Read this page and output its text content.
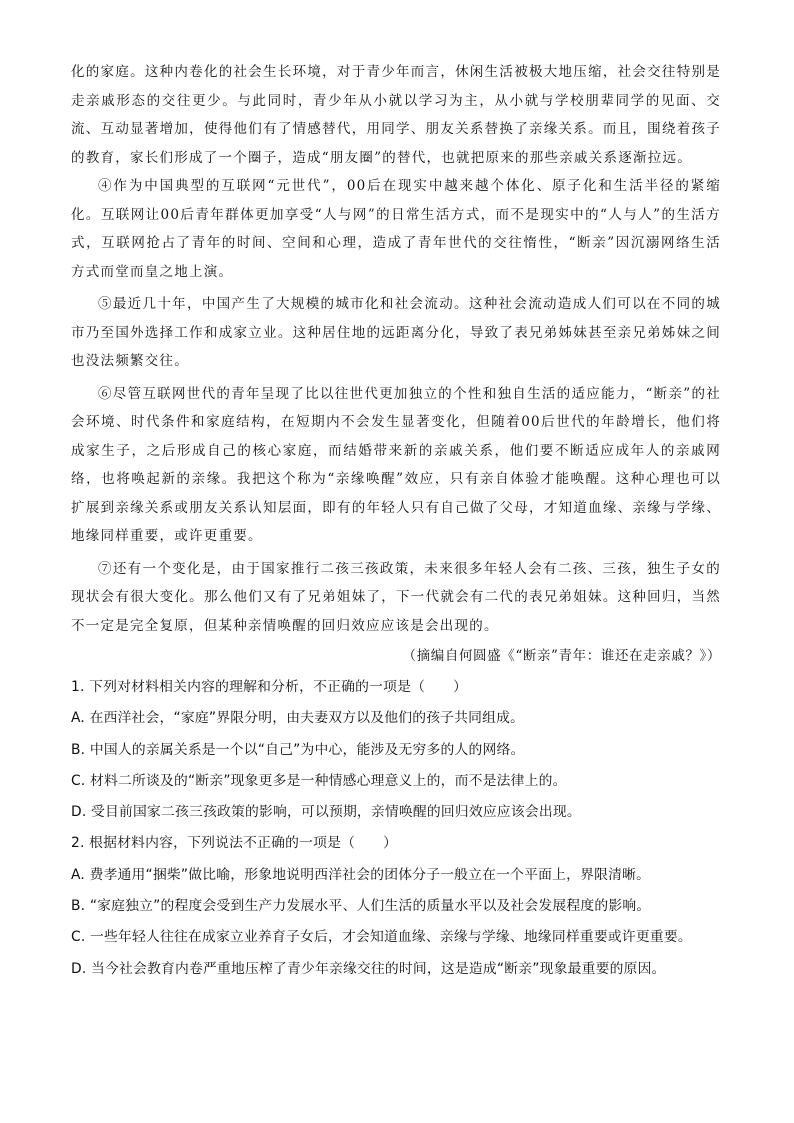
化的家庭。这种内卷化的社会生长环境，对于青少年而言，休闲生活被极大地压缩，社会交往特别是走亲戚形态的交往更少。与此同时，青少年从小就以学习为主，从小就与学校朋辈同学的见面、交流、互动显著增加，使得他们有了情感替代，用同学、朋友关系替换了亲缘关系。而且，围绕着孩子的教育，家长们形成了一个圈子，造成“朋友圈”的替代，也就把原来的那些亲戚关系逐渐拉远。

④作为中国典型的互联网“元世代”，00后在现实中越来越个体化、原子化和生活半径的紧缩化。互联网让00后青年群体更加享受“人与网”的日常生活方式，而不是现实中的“人与人”的生活方式，互联网抢占了青年的时间、空间和心理，造成了青年世代的交往惰性，“断亲”因沉溺网络生活方式而堂而皇之地上演。

⑤最近几十年，中国产生了大规模的城市化和社会流动。这种社会流动造成人们可以在不同的城市乃至国外选择工作和成家立业。这种居住地的远距离分化，导致了表兄弟姊妹甚至亲兄弟姊妹之间也没法频繁交往。

⑥尽管互联网世代的青年呈现了比以往世代更加独立的个性和独自生活的适应能力，“断亲”的社会环境、时代条件和家庭结构，在短期内不会发生显著变化，但随着00后世代的年龄增长，他们将成家生子，之后形成自己的核心家庭，而结婚带来新的亲戚关系，他们要不断适应成年人的亲戚网络，也将唤起新的亲缘。我把这个称为“亲缘唤醒”效应，只有亲自体验才能唤醒。这种心理也可以扩展到亲缘关系或朋友关系认知层面，即有的年轻人只有自己做了父母，才知道血缘、亲缘与学缘、地缘同样重要，或许更重要。

⑦还有一个变化是，由于国家推行二孩三孩政策，未来很多年轻人会有二孩、三孩，独生子女的现状会有很大变化。那么他们又有了兄弟姐妹了，下一代就会有二代的表兄弟姐妹。这种回归，当然不一定是完全复原，但某种亲情唤醒的回归效应应该是会出现的。

（摘编自何圆盛《“断亲”青年：谁还在走亲戚？》）

1. 下列对材料相关内容的理解和分析，不正确的一项是（　　）

A. 在西洋社会，“家庭”界限分明，由夫妻双方以及他们的孩子共同组成。

B. 中国人的亲属关系是一个以“自己”为中心，能涉及无穷多的人的网络。

C. 材料二所谈及的“断亲”现象更多是一种情感心理意义上的，而不是法律上的。

D. 受目前国家二孩三孩政策的影响，可以预期，亲情唤醒的回归效应应该会出现。

2. 根据材料内容，下列说法不正确的一项是（　　）

A. 费孝通用“捆柴”做比喻，形象地说明西洋社会的团体分子一般立在一个平面上，界限清晰。

B. “家庭独立”的程度会受到生产力发展水平、人们生活的质量水平以及社会发展程度的影响。

C. 一些年轻人往往在成家立业养育子女后，才会知道血缘、亲缘与学缘、地缘同样重要或许更重要。

D. 当今社会教育内卷严重地压榨了青少年亲缘交往的时间，这是造成“断亲”现象最重要的原因。
